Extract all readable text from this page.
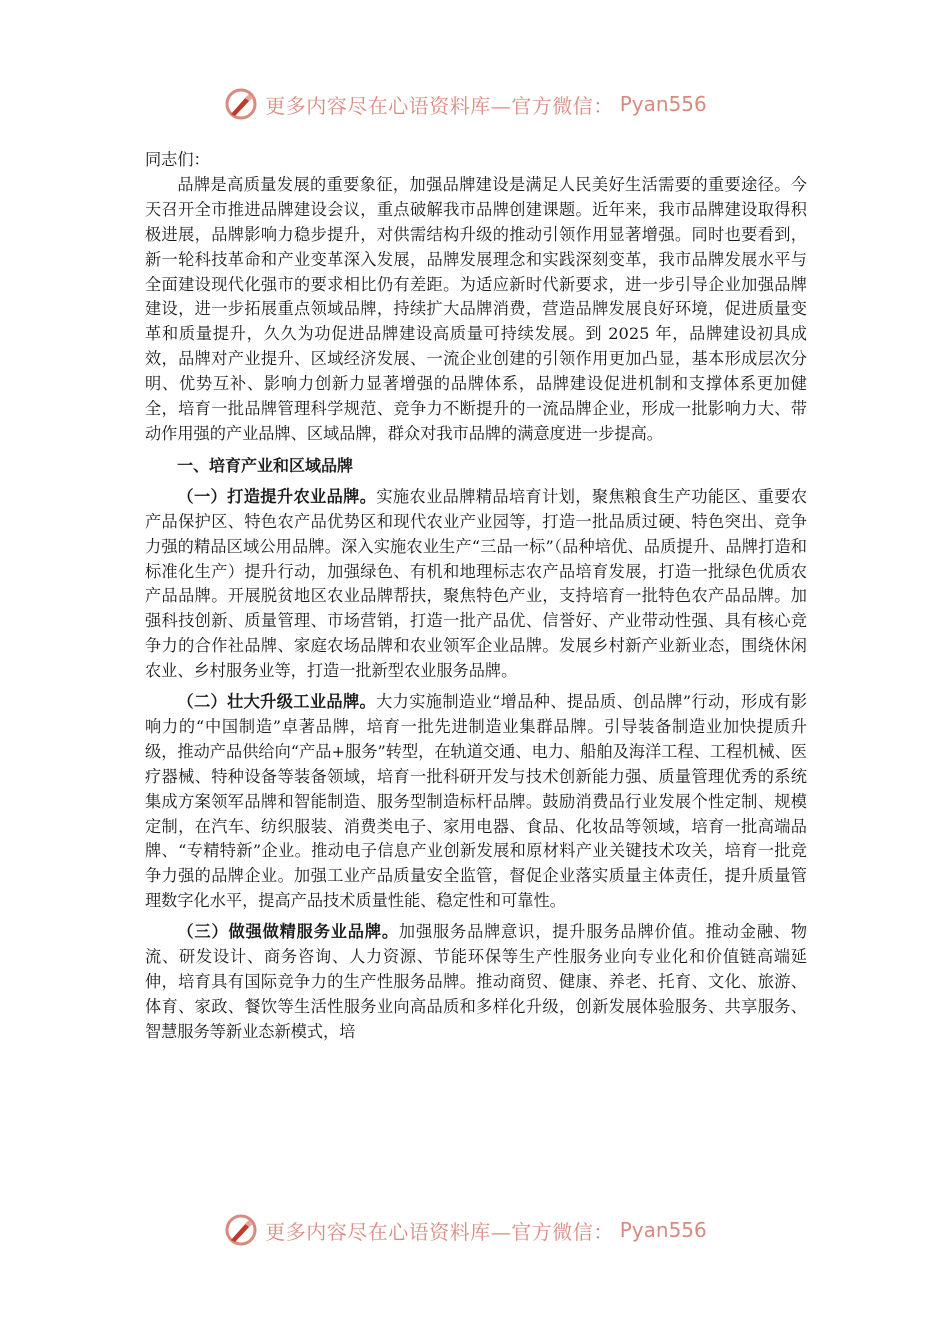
更多内容尽在心语资料库—官方微信： Pyan556

同志们：

品牌是高质量发展的重要象征，加强品牌建设是满足人民美好生活需要的重要途径。今天召开全市推进品牌建设会议，重点破解我市品牌创建课题。近年来，我市品牌建设取得积极进展，品牌影响力稳步提升，对供需结构升级的推动引领作用显著增强。同时也要看到，新一轮科技革命和产业变革深入发展，品牌发展理念和实践深刻变革，我市品牌发展水平与全面建设现代化强市的要求相比仍有差距。为适应新时代新要求，进一步引导企业加强品牌建设，进一步拓展重点领域品牌，持续扩大品牌消费，营造品牌发展良好环境，促进质量变革和质量提升，久久为功促进品牌建设高质量可持续发展。到 2025 年，品牌建设初具成效，品牌对产业提升、区域经济发展、一流企业创建的引领作用更加凸显，基本形成层次分明、优势互补、影响力创新力显著增强的品牌体系，品牌建设促进机制和支撑体系更加健全，培育一批品牌管理科学规范、竞争力不断提升的一流品牌企业，形成一批影响力大、带动作用强的产业品牌、区域品牌，群众对我市品牌的满意度进一步提高。

一、培育产业和区域品牌

（一）打造提升农业品牌。实施农业品牌精品培育计划，聚焦粮食生产功能区、重要农产品保护区、特色农产品优势区和现代农业产业园等，打造一批品质过硬、特色突出、竞争力强的精品区域公用品牌。深入实施农业生产“三品一标”（品种培优、品质提升、品牌打造和标准化生产）提升行动，加强绿色、有机和地理标志农产品培育发展，打造一批绿色优质农产品品牌。开展脱贫地区农业品牌帮扶，聚焦特色产业，支持培育一批特色农产品品牌。加强科技创新、质量管理、市场营销，打造一批产品优、信誉好、产业带动性强、具有核心竞争力的合作社品牌、家庭农场品牌和农业领军企业品牌。发展乡村新产业新业态，围绕休闲农业、乡村服务业等，打造一批新型农业服务品牌。

（二）壮大升级工业品牌。大力实施制造业“增品种、提品质、创品牌”行动，形成有影响力的“中国制造”卓著品牌，培育一批先进制造业集群品牌。引导装备制造业加快提质升级，推动产品供给向“产品+服务”转型，在轨道交通、电力、船舶及海洋工程、工程机械、医疗器械、特种设备等装备领域，培育一批科研开发与技术创新能力强、质量管理优秀的系统集成方案领军品牌和智能制造、服务型制造标杆品牌。鼓励消费品行业发展个性定制、规模定制，在汽车、纺织服装、消费类电子、家用电器、食品、化妆品等领域，培育一批高端品牌、“专精特新”企业。推动电子信息产业创新发展和原材料产业关键技术攻关，培育一批竞争力强的品牌企业。加强工业产品质量安全监管，督促企业落实质量主体责任，提升质量管理数字化水平，提高产品技术质量性能、稳定性和可靠性。

（三）做强做精服务业品牌。加强服务品牌意识，提升服务品牌价值。推动金融、物流、研发设计、商务咨询、人力资源、节能环保等生产性服务业向专业化和价值链高端延伸，培育具有国际竞争力的生产性服务品牌。推动商贸、健康、养老、托育、文化、旅游、体育、家政、餐饮等生活性服务业向高品质和多样化升级，创新发展体验服务、共享服务、智慧服务等新业态新模式，培

更多内容尽在心语资料库—官方微信： Pyan556
